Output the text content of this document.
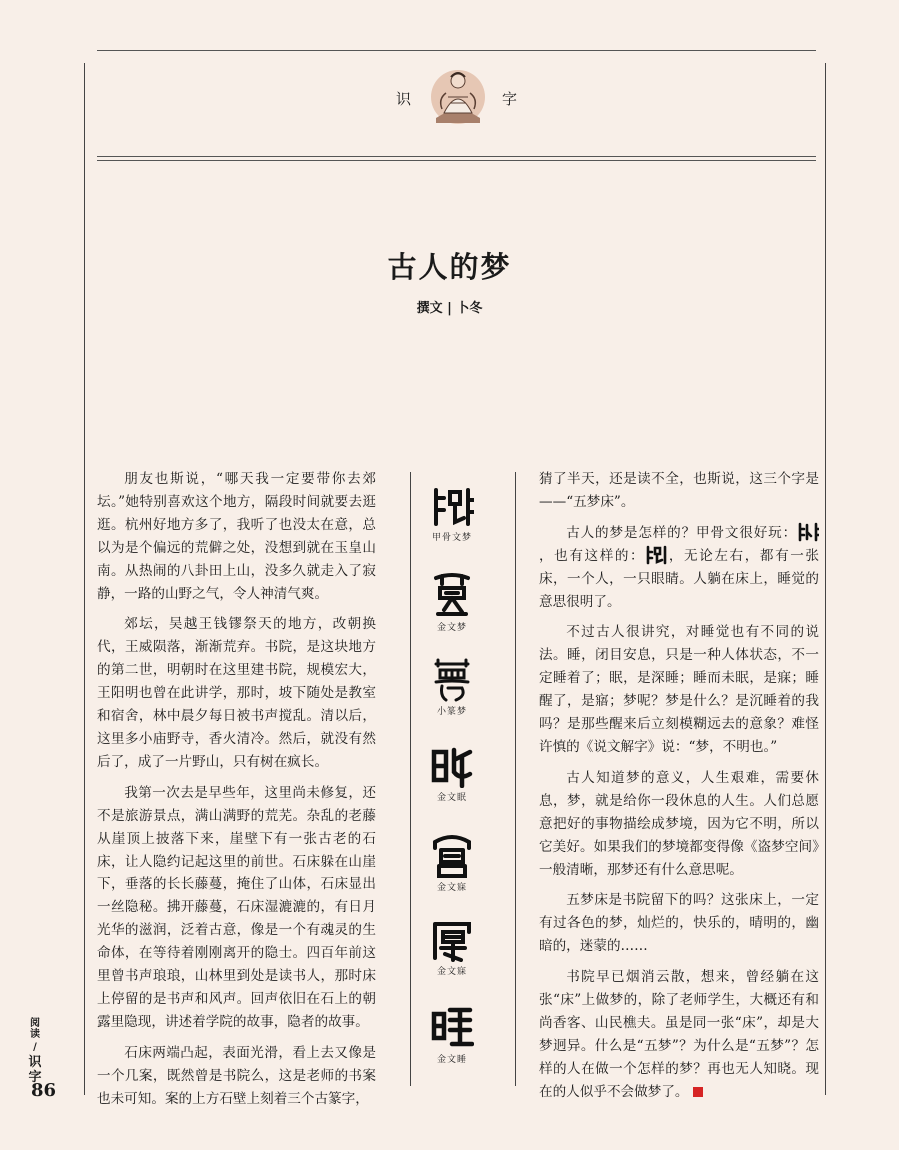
识	字
古人的梦
撰文 | 卜冬

朋友也斯说，“哪天我一定要带你去郊坛。”她特别喜欢这个地方，隔段时间就要去逛逛。杭州好地方多了，我听了也没太在意，总以为是个偏远的荒僻之处，没想到就在玉皇山南。从热闹的八卦田上山，没多久就走入了寂静，一路的山野之气，令人神清气爽。

郊坛，吴越王钱镠祭天的地方，改朝换代，王威陨落，渐渐荒弃。书院，是这块地方的第二世，明朝时在这里建书院，规模宏大，王阳明也曾在此讲学，那时，坡下随处是教室和宿舍，林中晨夕每日被书声搅乱。清以后，这里多小庙野寺，香火清冷。然后，就没有然后了，成了一片野山，只有树在疯长。

我第一次去是早些年，这里尚未修复，还不是旅游景点，满山满野的荒芜。杂乱的老藤从崖顶上披落下来，崖壁下有一张古老的石床，让人隐约记起这里的前世。石床躲在山崖下，垂落的长长藤蔓，掩住了山体，石床显出一丝隐秘。拂开藤蔓，石床湿漉漉的，有日月光华的滋润，泛着古意，像是一个有魂灵的生命体，在等待着刚刚离开的隐士。四百年前这里曾书声琅琅，山林里到处是读书人，那时床上停留的是书声和风声。回声依旧在石上的朝露里隐现，讲述着学院的故事，隐者的故事。

石床两端凸起，表面光滑，看上去又像是一个几案，既然曾是书院么，这是老师的书案也未可知。案的上方石壁上刻着三个古篆字，

甲骨文梦
金文梦
小篆梦
金文眠
金文寐
金文寐
金文睡

猜了半天，还是读不全，也斯说，这三个字是——“五梦床”。

古人的梦是怎样的？甲骨文很好玩：，也有这样的： ，无论左右，都有一张床，一个人，一只眼睛。人躺在床上，睡觉的意思很明了。

不过古人很讲究，对睡觉也有不同的说法。睡，闭目安息，只是一种人体状态，不一定睡着了；眠，是深睡；睡而未眠，是寐；睡醒了，是寤；梦呢？梦是什么？是沉睡着的我吗？是那些醒来后立刻模糊远去的意象？难怪许慎的《说文解字》说：“梦，不明也。”

古人知道梦的意义，人生艰难，需要休息，梦，就是给你一段休息的人生。人们总愿意把好的事物描绘成梦境，因为它不明，所以它美好。如果我们的梦境都变得像《盗梦空间》一般清晰，那梦还有什么意思呢。

五梦床是书院留下的吗？这张床上，一定有过各色的梦，灿烂的，快乐的，晴明的，幽暗的，迷蒙的……

书院早已烟消云散，想来，曾经躺在这张“床”上做梦的，除了老师学生，大概还有和尚香客、山民樵夫。虽是同一张“床”，却是大梦迥异。什么是“五梦”？为什么是“五梦”？怎样的人在做一个怎样的梦？再也无人知晓。现在的人似乎不会做梦了。

阅读
/
识字
86
